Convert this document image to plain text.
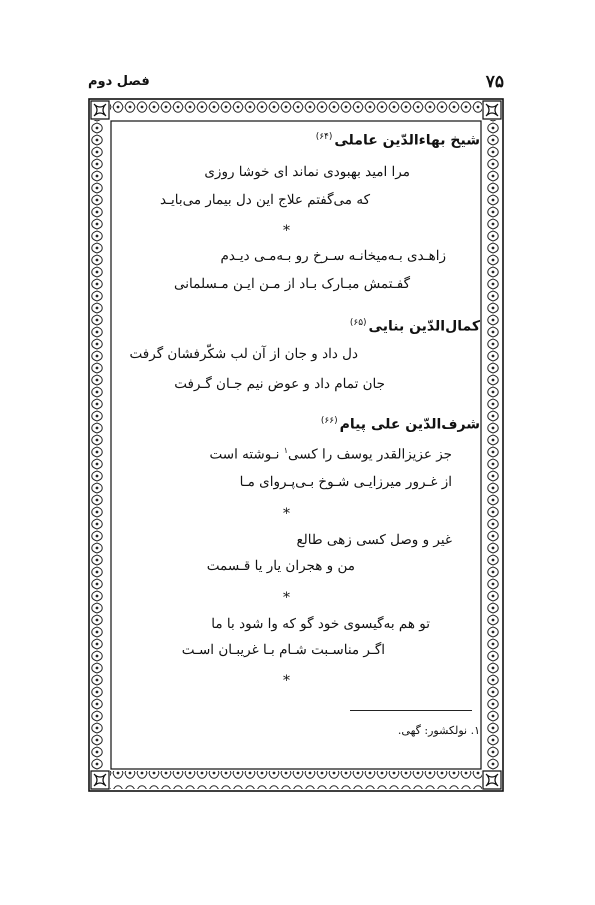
۷۵
فصل دوم
شیخ بهاءالدّین عاملی$^{(۶۴)}$
مرا امید بهبودی نماند ای خوشا روزی
که می‌گفتم علاج این دل بیمار می‌بایـد
*
زاهـدی بـه‌میخانـه سـرخ رو بـه‌مـی دیـدم
گفـتمش مبـارک بـاد از مـن ایـن مـسلمانی
کمال‌الدّین بنایی$^{(۶۵)}$
دل داد و جان از آن لب شکّرفشان گرفت
جان تمام داد و عوض نیم جـان گـرفت
شرف‌الدّین علی پیام$^{(۶۶)}$
جز عزیزالقدر یوسف را کسی$^۱$ نـوشته است
از غـرور میرزایـی شـوخ بـی‌پـروای مـا
*
غیر و وصل کسی زهی طالع
من و هجران یار یا قـسمت
*
تو هم به‌گیسوی خود گو که وا شود با ما
اگـر مناسـبت شـام بـا غریبـان اسـت
*
۱. نولکشور: گهی.
